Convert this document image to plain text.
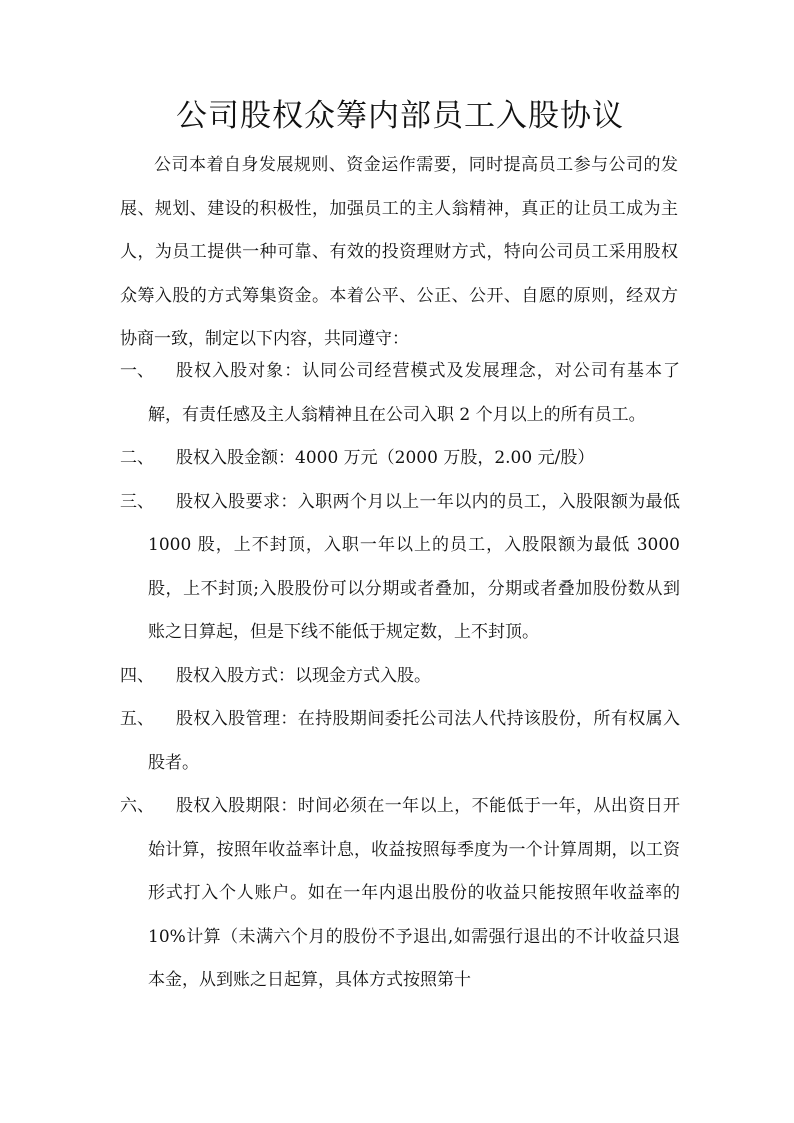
公司股权众筹内部员工入股协议

公司本着自身发展规则、资金运作需要，同时提高员工参与公司的发展、规划、建设的积极性，加强员工的主人翁精神，真正的让员工成为主人，为员工提供一种可靠、有效的投资理财方式，特向公司员工采用股权众筹入股的方式筹集资金。本着公平、公正、公开、自愿的原则，经双方协商一致，制定以下内容，共同遵守：

一、	股权入股对象：认同公司经营模式及发展理念，对公司有基本了解，有责任感及主人翁精神且在公司入职 2 个月以上的所有员工。
二、	股权入股金额：4000 万元（2000 万股，2.00 元/股）
三、	股权入股要求：入职两个月以上一年以内的员工，入股限额为最低 1000 股，上不封顶，入职一年以上的员工，入股限额为最低 3000 股，上不封顶;入股股份可以分期或者叠加，分期或者叠加股份数从到账之日算起，但是下线不能低于规定数，上不封顶。
四、	股权入股方式：以现金方式入股。
五、	股权入股管理：在持股期间委托公司法人代持该股份，所有权属入股者。
六、	股权入股期限：时间必须在一年以上，不能低于一年，从出资日开始计算，按照年收益率计息，收益按照每季度为一个计算周期，以工资形式打入个人账户。如在一年内退出股份的收益只能按照年收益率的 10%计算（未满六个月的股份不予退出,如需强行退出的不计收益只退本金，从到账之日起算，具体方式按照第十
